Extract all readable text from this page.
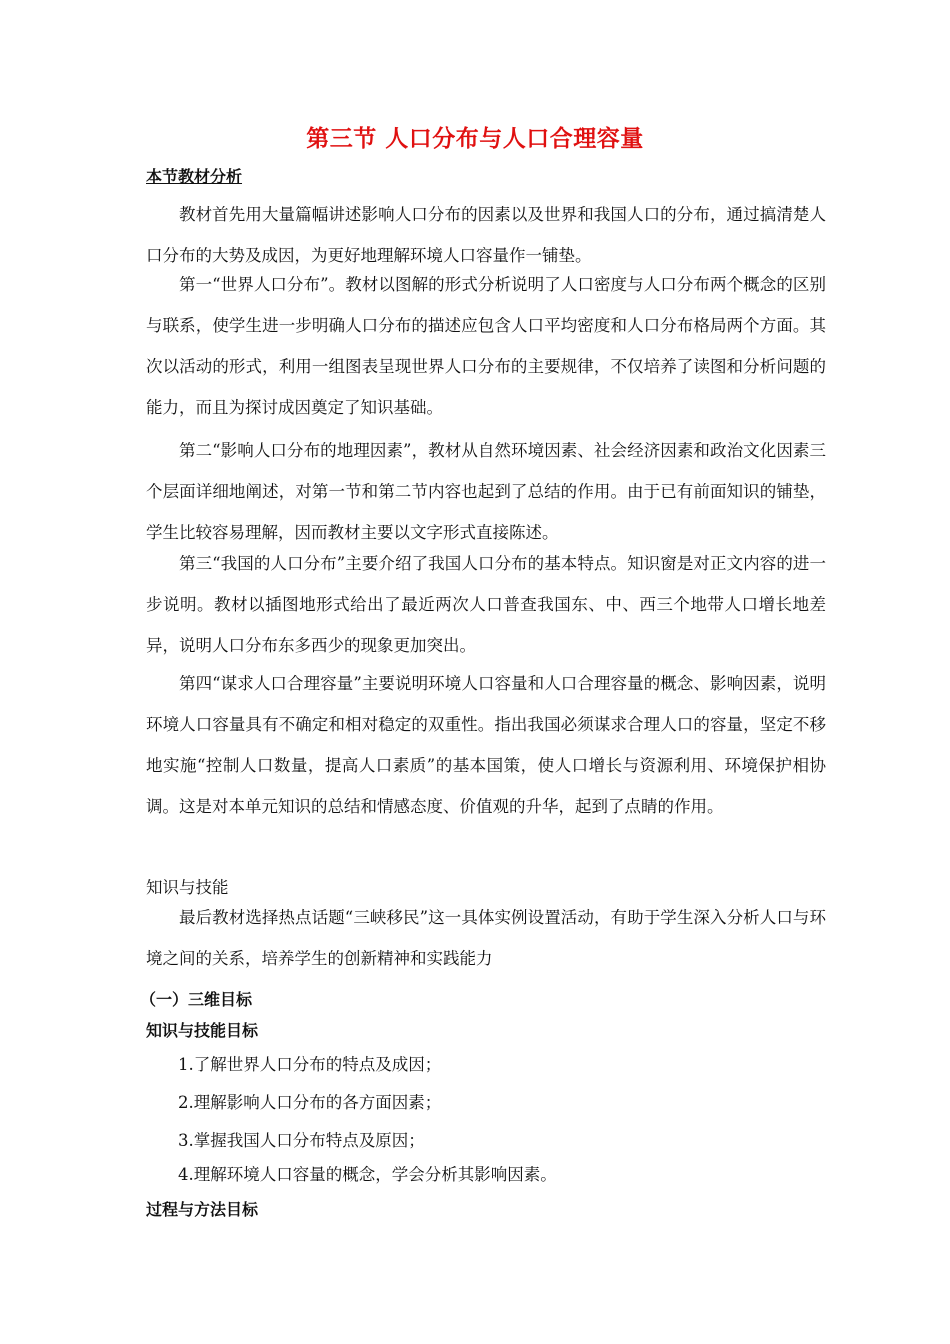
第三节 人口分布与人口合理容量
本节教材分析

教材首先用大量篇幅讲述影响人口分布的因素以及世界和我国人口的分布，通过搞清楚人口分布的大势及成因，为更好地理解环境人口容量作一铺垫。

第一“世界人口分布”。教材以图解的形式分析说明了人口密度与人口分布两个概念的区别与联系，使学生进一步明确人口分布的描述应包含人口平均密度和人口分布格局两个方面。其次以活动的形式，利用一组图表呈现世界人口分布的主要规律，不仅培养了读图和分析问题的能力，而且为探讨成因奠定了知识基础。

第二“影响人口分布的地理因素”，教材从自然环境因素、社会经济因素和政治文化因素三个层面详细地阐述，对第一节和第二节内容也起到了总结的作用。由于已有前面知识的铺垫，学生比较容易理解，因而教材主要以文字形式直接陈述。

第三“我国的人口分布”主要介绍了我国人口分布的基本特点。知识窗是对正文内容的进一步说明。教材以插图地形式给出了最近两次人口普查我国东、中、西三个地带人口增长地差异，说明人口分布东多西少的现象更加突出。

第四“谋求人口合理容量”主要说明环境人口容量和人口合理容量的概念、影响因素，说明环境人口容量具有不确定和相对稳定的双重性。指出我国必须谋求合理人口的容量，坚定不移地实施“控制人口数量，提高人口素质”的基本国策，使人口增长与资源利用、环境保护相协调。这是对本单元知识的总结和情感态度、价值观的升华，起到了点睛的作用。

知识与技能

最后教材选择热点话题“三峡移民”这一具体实例设置活动，有助于学生深入分析人口与环境之间的关系，培养学生的创新精神和实践能力

（一）三维目标
知识与技能目标
1.了解世界人口分布的特点及成因；
2.理解影响人口分布的各方面因素；
3.掌握我国人口分布特点及原因；
4.理解环境人口容量的概念，学会分析其影响因素。
过程与方法目标
